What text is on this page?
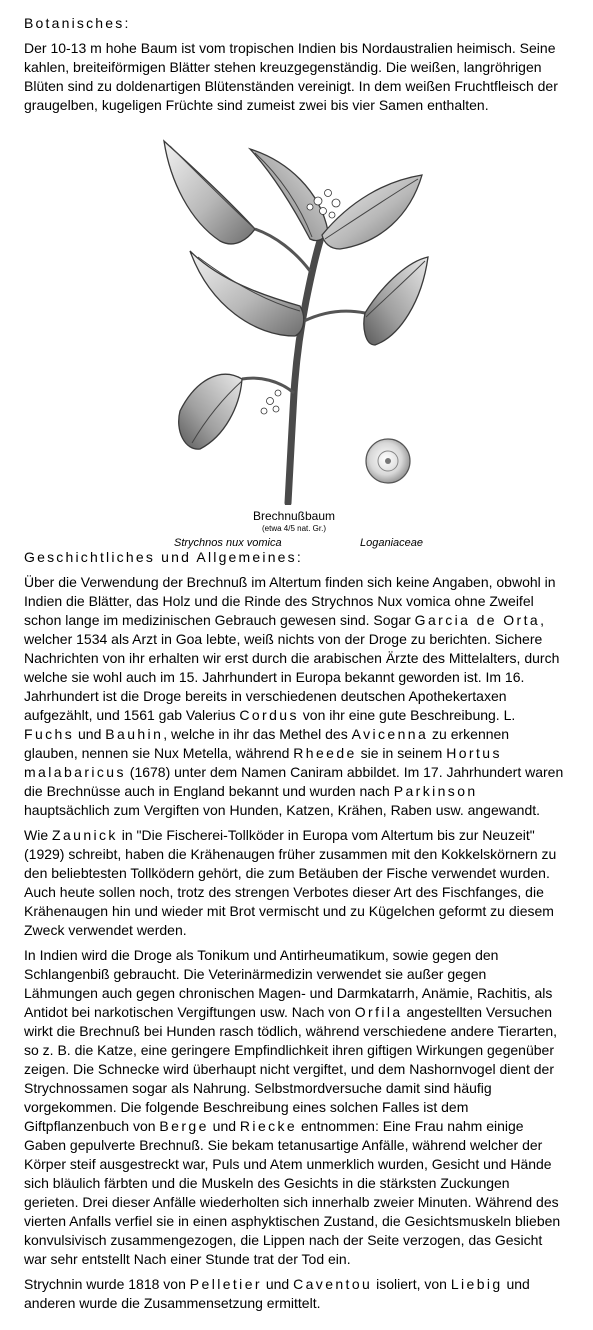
Botanisches:

Der 10-13 m hohe Baum ist vom tropischen Indien bis Nordaustralien heimisch. Seine kahlen, breiteiförmigen Blätter stehen kreuzgegenständig. Die weißen, langröhrigen Blüten sind zu doldenartigen Blütenständen vereinigt. In dem weißen Fruchtfleisch der graugelben, kugeligen Früchte sind zumeist zwei bis vier Samen enthalten.

Brechnußbaum
(etwa 4/5 nat. Gr.)
Strychnos nux vomica	Loganiaceae
Geschichtliches und Allgemeines:

Über die Verwendung der Brechnuß im Altertum finden sich keine Angaben, obwohl in Indien die Blätter, das Holz und die Rinde des Strychnos Nux vomica ohne Zweifel schon lange im medizinischen Gebrauch gewesen sind. Sogar Garcia de Orta, welcher 1534 als Arzt in Goa lebte, weiß nichts von der Droge zu berichten. Sichere Nachrichten von ihr erhalten wir erst durch die arabischen Ärzte des Mittelalters, durch welche sie wohl auch im 15. Jahrhundert in Europa bekannt geworden ist. Im 16. Jahrhundert ist die Droge bereits in verschiedenen deutschen Apothekertaxen aufgezählt, und 1561 gab Valerius Cordus von ihr eine gute Beschreibung. L. Fuchs und Bauhin, welche in ihr das Methel des Avicenna zu erkennen glauben, nennen sie Nux Metella, während Rheede sie in seinem Hortus malabaricus (1678) unter dem Namen Caniram abbildet. Im 17. Jahrhundert waren die Brechnüsse auch in England bekannt und wurden nach Parkinson hauptsächlich zum Vergiften von Hunden, Katzen, Krähen, Raben usw. angewandt.

Wie Zaunick in "Die Fischerei-Tollköder in Europa vom Altertum bis zur Neuzeit" (1929) schreibt, haben die Krähenaugen früher zusammen mit den Kokkelskörnern zu den beliebtesten Tollködern gehört, die zum Betäuben der Fische verwendet wurden. Auch heute sollen noch, trotz des strengen Verbotes dieser Art des Fischfanges, die Krähenaugen hin und wieder mit Brot vermischt und zu Kügelchen geformt zu diesem Zweck verwendet werden.

In Indien wird die Droge als Tonikum und Antirheumatikum, sowie gegen den Schlangenbiß gebraucht. Die Veterinärmedizin verwendet sie außer gegen Lähmungen auch gegen chronischen Magen- und Darmkatarrh, Anämie, Rachitis, als Antidot bei narkotischen Vergiftungen usw. Nach von Orfila angestellten Versuchen wirkt die Brechnuß bei Hunden rasch tödlich, während verschiedene andere Tierarten, so z. B. die Katze, eine geringere Empfindlichkeit ihren giftigen Wirkungen gegenüber zeigen. Die Schnecke wird überhaupt nicht vergiftet, und dem Nashornvogel dient der Strychnossamen sogar als Nahrung. Selbstmordversuche damit sind häufig vorgekommen. Die folgende Beschreibung eines solchen Falles ist dem Giftpflanzenbuch von Berge und Riecke entnommen: Eine Frau nahm einige Gaben gepulverte Brechnuß. Sie bekam tetanusartige Anfälle, während welcher der Körper steif ausgestreckt war, Puls und Atem unmerklich wurden, Gesicht und Hände sich bläulich färbten und die Muskeln des Gesichts in die stärksten Zuckungen gerieten. Drei dieser Anfälle wiederholten sich innerhalb zweier Minuten. Während des vierten Anfalls verfiel sie in einen asphyktischen Zustand, die Gesichtsmuskeln blieben konvulsivisch zusammengezogen, die Lippen nach der Seite verzogen, das Gesicht war sehr entstellt Nach einer Stunde trat der Tod ein.

Strychnin wurde 1818 von Pelletier und Caventou isoliert, von Liebig und anderen wurde die Zusammensetzung ermittelt.
